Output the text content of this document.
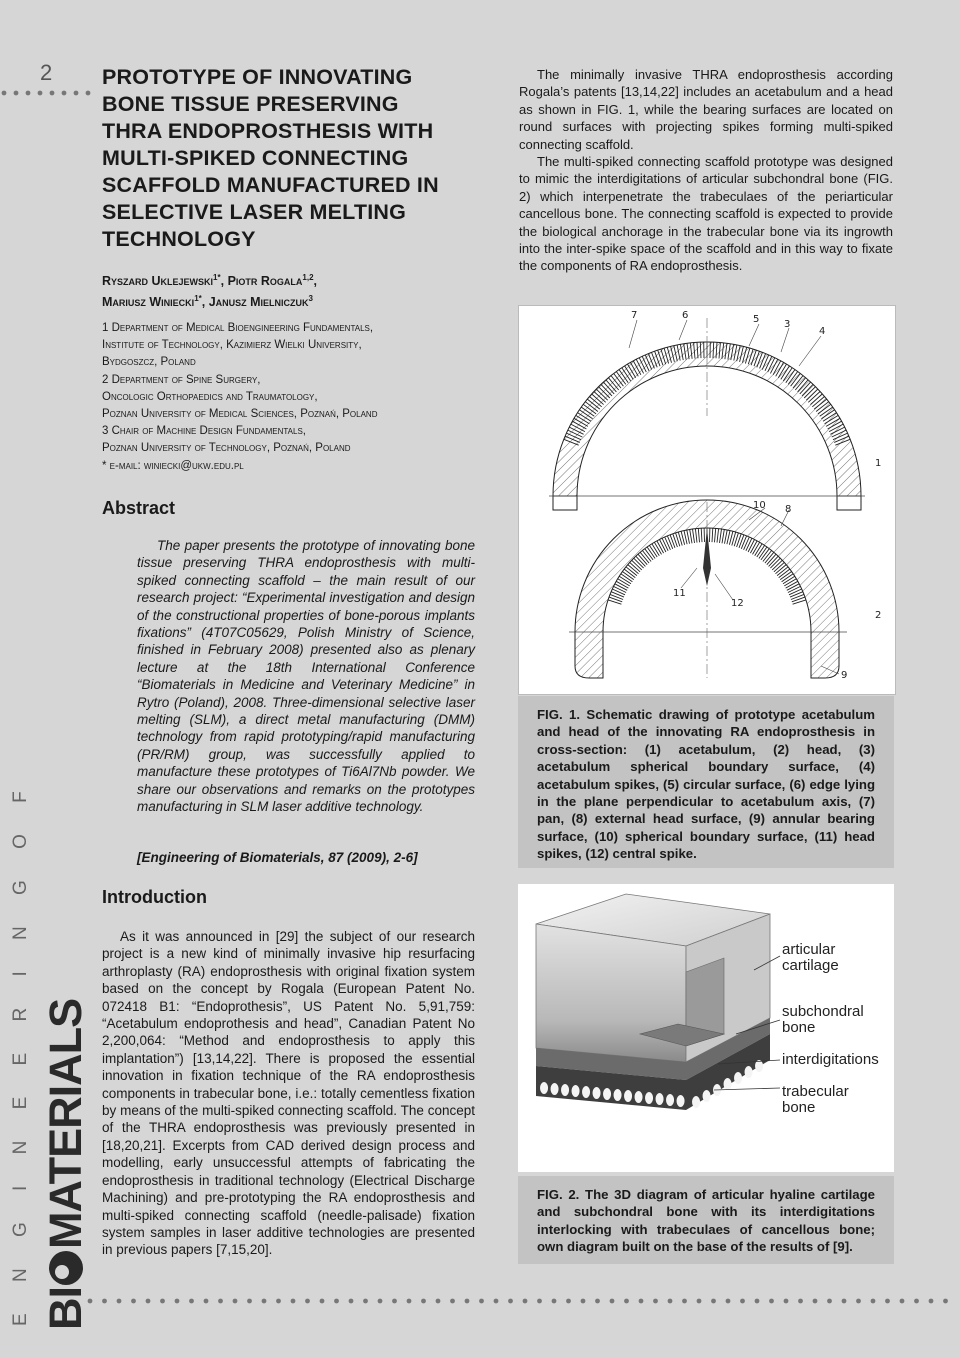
2 PROTOTYPE OF INNOVATING BONE TISSUE PRESERVING THRA ENDOPROSTHESIS WITH MULTI-SPIKED CONNECTING SCAFFOLD MANUFACTURED IN SELECTIVE LASER MELTING TECHNOLOGY
Ryszard Uklejewski$^{1*}$, Piotr Rogala$^{1,2}$,
Mariusz Winiecki$^{1*}$, Janusz Mielniczuk$^3$
1 Department of Medical Bioengineering Fundamentals,
Institute of Technology, Kazimierz Wielki University,
Bydgoszcz, Poland
2 Department of Spine Surgery,
Oncologic Orthopaedics and Traumatology,
Poznan University of Medical Sciences, Poznań, Poland
3 Chair of Machine Design Fundamentals,
Poznan University of Technology, Poznań, Poland
* e-mail: winiecki@ukw.edu.pl
Abstract
The paper presents the prototype of innovating bone tissue preserving THRA endoprosthesis with multi-spiked connecting scaffold – the main result of our research project: “Experimental investigation and design of the constructional properties of bone-porous implants fixations” (4T07C05629, Polish Ministry of Science, finished in February 2008) presented also as plenary lecture at the 18th International Conference “Biomaterials in Medicine and Veterinary Medicine” in Rytro (Poland), 2008. Three-dimensional selective laser melting (SLM), a direct metal manufacturing (DMM) technology from rapid prototyping/rapid manufacturing (PR/RM) group, was successfully applied to manufacture these prototypes of Ti6Al7Nb powder. We share our observations and remarks on the prototypes manufacturing in SLM laser additive technology.
[Engineering of Biomaterials, 87 (2009), 2-6]
Introduction
As it was announced in [29] the subject of our research project is a new kind of minimally invasive hip resurfacing arthroplasty (RA) endoprosthesis with original fixation system based on the concept by Rogala (European Patent No. 072418 B1: “Endoprothesis”, US Patent No. 5,91,759: “Acetabulum endoprothesis and head”, Canadian Patent No 2,200,064: “Method and endoprosthesis to apply this implantation”) [13,14,22]. There is proposed the essential innovation in fixation technique of the RA endoprosthesis components in trabecular bone, i.e.: totally cementless fixation by means of the multi-spiked connecting scaffold. The concept of the THRA endoprosthesis was previously presented in [18,20,21]. Excerpts from CAD derived design process and modelling, early unsuccessful attempts of fabricating the endoprosthesis in traditional technology (Electrical Discharge Machining) and pre-prototyping the RA endoprosthesis and multi-spiked connecting scaffold (needle-palisade) fixation system samples in laser additive technologies are presented in previous papers [7,15,20].

The minimally invasive THRA endoprosthesis according Rogala’s patents [13,14,22] includes an acetabulum and a head as shown in FIG. 1, while the bearing surfaces are located on round surfaces with projecting spikes forming multi-spiked connecting scaffold.

The multi-spiked connecting scaffold prototype was designed to mimic the interdigitations of articular subchondral bone (FIG. 2) which interpenetrate the trabeculaes of the periarticular cancellous bone. The connecting scaffold is expected to provide the biological anchorage in the trabecular bone via its ingrowth into the inter-spike space of the scaffold and in this way to fixate the components of RA endoprosthesis.

7	6	5 3
4
1
10 8
11
12
2
9

FIG. 1. Schematic drawing of prototype acetabulum and head of the innovating RA endoprosthesis in cross-section: (1) acetabulum, (2) head, (3) acetabulum spherical boundary surface, (4) acetabulum spikes, (5) circular surface, (6) edge lying in the plane perpendicular to acetabulum axis, (7) pan, (8) external head surface, (9) annular bearing surface, (10) spherical boundary surface, (11) head spikes, (12) central spike.

articular
cartilage
subchondral
bone
interdigitations
trabecular
bone

FIG. 2. The 3D diagram of articular hyaline cartilage and subchondral bone with its interdigitations interlocking with trabeculaes of cancellous bone; own diagram built on the base of the results of [9].

E N G I N E E R I N G O F BI
MATERIALS
